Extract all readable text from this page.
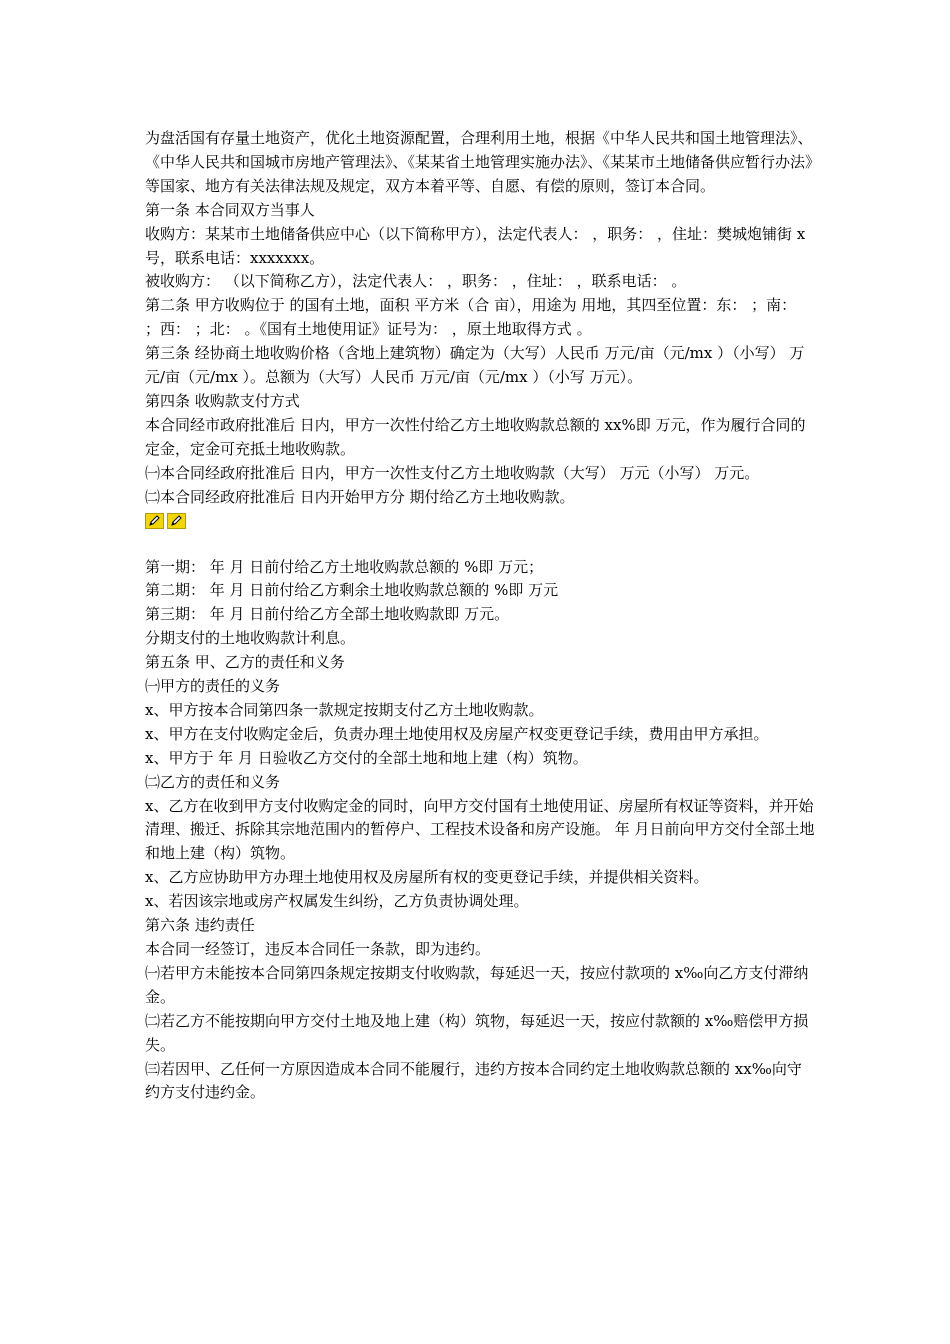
为盘活国有存量土地资产，优化土地资源配置，合理利用土地，根据《中华人民共和国土地管理法》、《中华人民共和国城市房地产管理法》、《某某省土地管理实施办法》、《某某市土地储备供应暂行办法》等国家、地方有关法律法规及规定，双方本着平等、自愿、有偿的原则，签订本合同。

第一条 本合同双方当事人

收购方：某某市土地储备供应中心（以下简称甲方），法定代表人： ，职务： ，住址：樊城炮铺街 x 号，联系电话：xxxxxxx。

被收购方： （以下简称乙方），法定代表人： ，职务： ，住址： ，联系电话： 。

第二条 甲方收购位于 的国有土地，面积 平方米（合 亩），用途为 用地，其四至位置：东： ；南： ；西： ；北： 。《国有土地使用证》证号为： ，原土地取得方式 。

第三条 经协商土地收购价格（含地上建筑物）确定为（大写）人民币 万元/亩（元/mx ）（小写） 万元/亩（元/mx ）。总额为（大写）人民币 万元/亩（元/mx ）（小写 万元）。

第四条 收购款支付方式

本合同经市政府批准后 日内，甲方一次性付给乙方土地收购款总额的 xx%即 万元，作为履行合同的定金，定金可充抵土地收购款。

㈠本合同经政府批准后 日内，甲方一次性支付乙方土地收购款（大写） 万元（小写） 万元。

㈡本合同经政府批准后 日内开始甲方分 期付给乙方土地收购款。

第一期： 年 月 日前付给乙方土地收购款总额的 %即 万元；

第二期： 年 月 日前付给乙方剩余土地收购款总额的 %即 万元

第三期： 年 月 日前付给乙方全部土地收购款即 万元。

分期支付的土地收购款计利息。

第五条 甲、乙方的责任和义务

㈠甲方的责任的义务

x、甲方按本合同第四条一款规定按期支付乙方土地收购款。

x、甲方在支付收购定金后，负责办理土地使用权及房屋产权变更登记手续，费用由甲方承担。

x、甲方于 年 月 日验收乙方交付的全部土地和地上建（构）筑物。

㈡乙方的责任和义务

x、乙方在收到甲方支付收购定金的同时，向甲方交付国有土地使用证、房屋所有权证等资料，并开始清理、搬迁、拆除其宗地范围内的暂停户、工程技术设备和房产设施。 年 月日前向甲方交付全部土地和地上建（构）筑物。

x、乙方应协助甲方办理土地使用权及房屋所有权的变更登记手续，并提供相关资料。

x、若因该宗地或房产权属发生纠纷，乙方负责协调处理。

第六条 违约责任

本合同一经签订，违反本合同任一条款，即为违约。

㈠若甲方未能按本合同第四条规定按期支付收购款，每延迟一天，按应付款项的 x‰向乙方支付滞纳金。

㈡若乙方不能按期向甲方交付土地及地上建（构）筑物，每延迟一天，按应付款额的 x‰赔偿甲方损失。

㈢若因甲、乙任何一方原因造成本合同不能履行，违约方按本合同约定土地收购款总额的 xx‰向守约方支付违约金。
